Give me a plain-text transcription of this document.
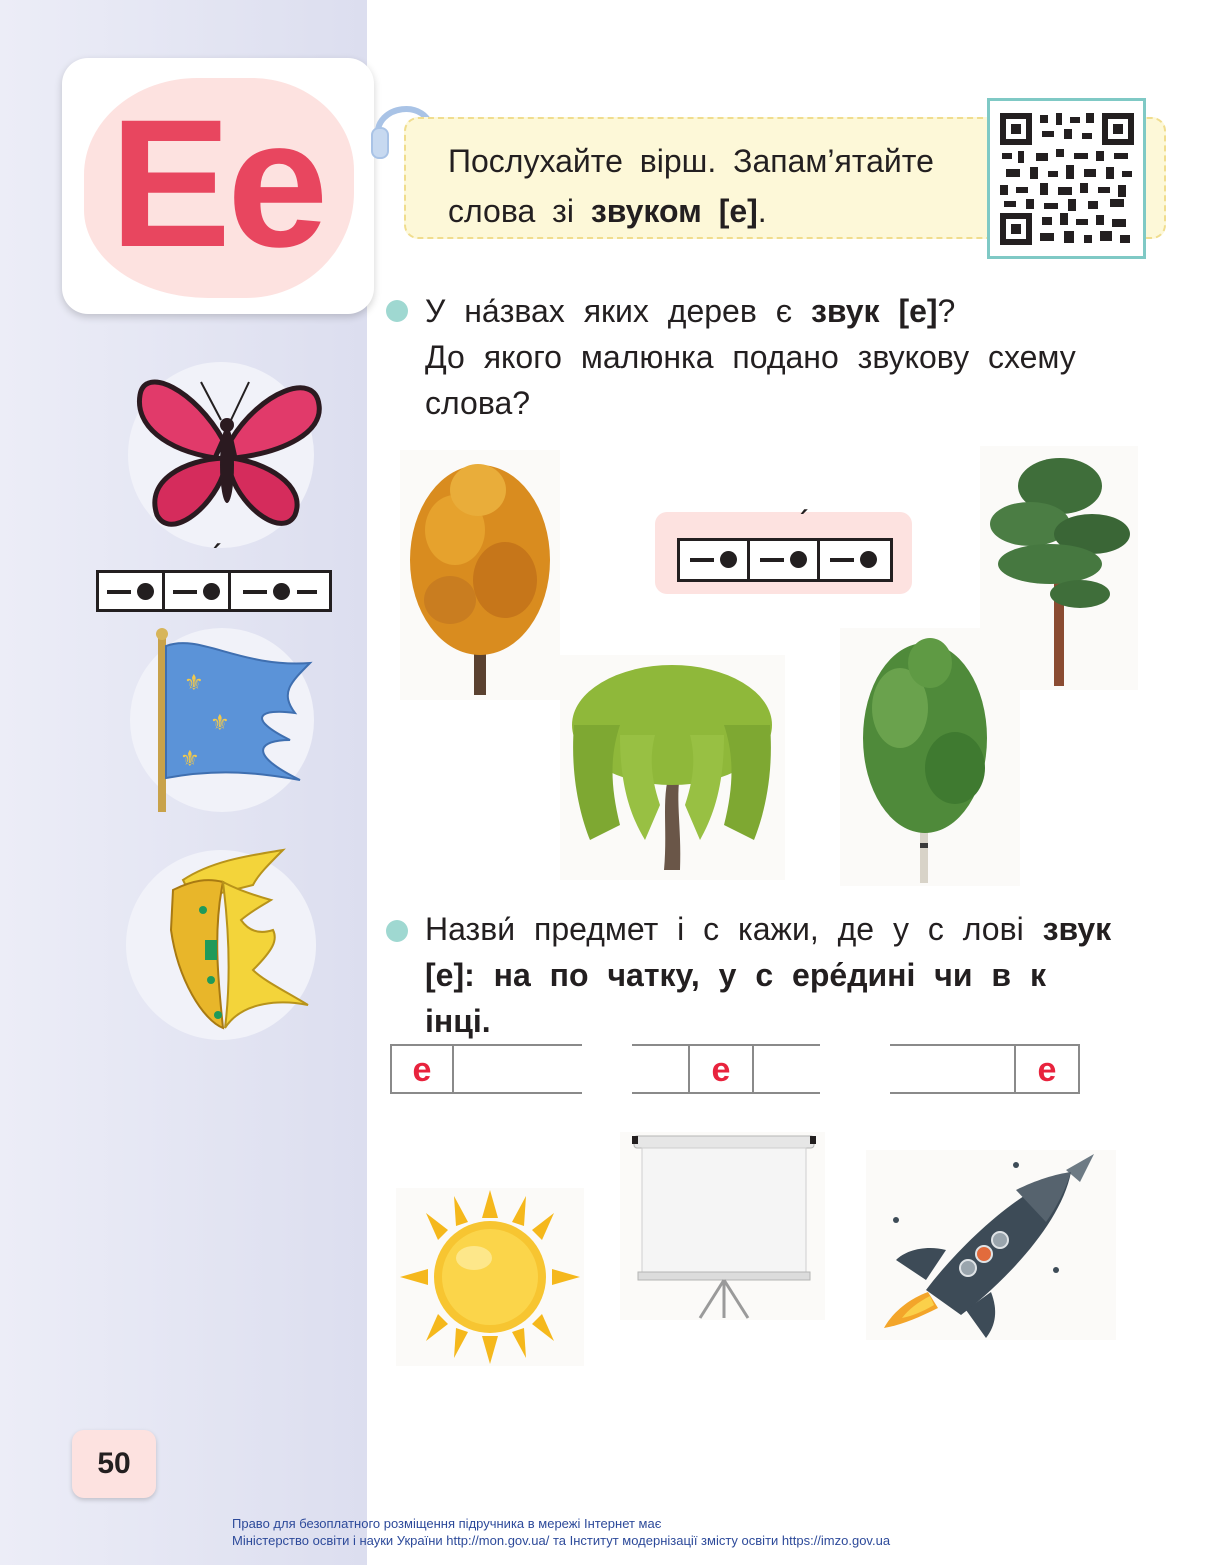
Ee
´
⚜
⚜
⚜
Послухайте вірш. Запам’ятайте
слова зі звуком [е].
У на́звах яких дерев є звук [е]?
До якого малюнка подано звукову схему
слова?
´
Назви́ предмет і с кажи, де у с лові звук
[е]: на по чатку, у с ере́дині чи в к інці.
е	е	е
50
Право для безоплатного розміщення підручника в мережі Інтернет має
Міністерство освіти і науки України http://mon.gov.ua/ та Інститут модернізації змісту освіти https://imzo.gov.ua
